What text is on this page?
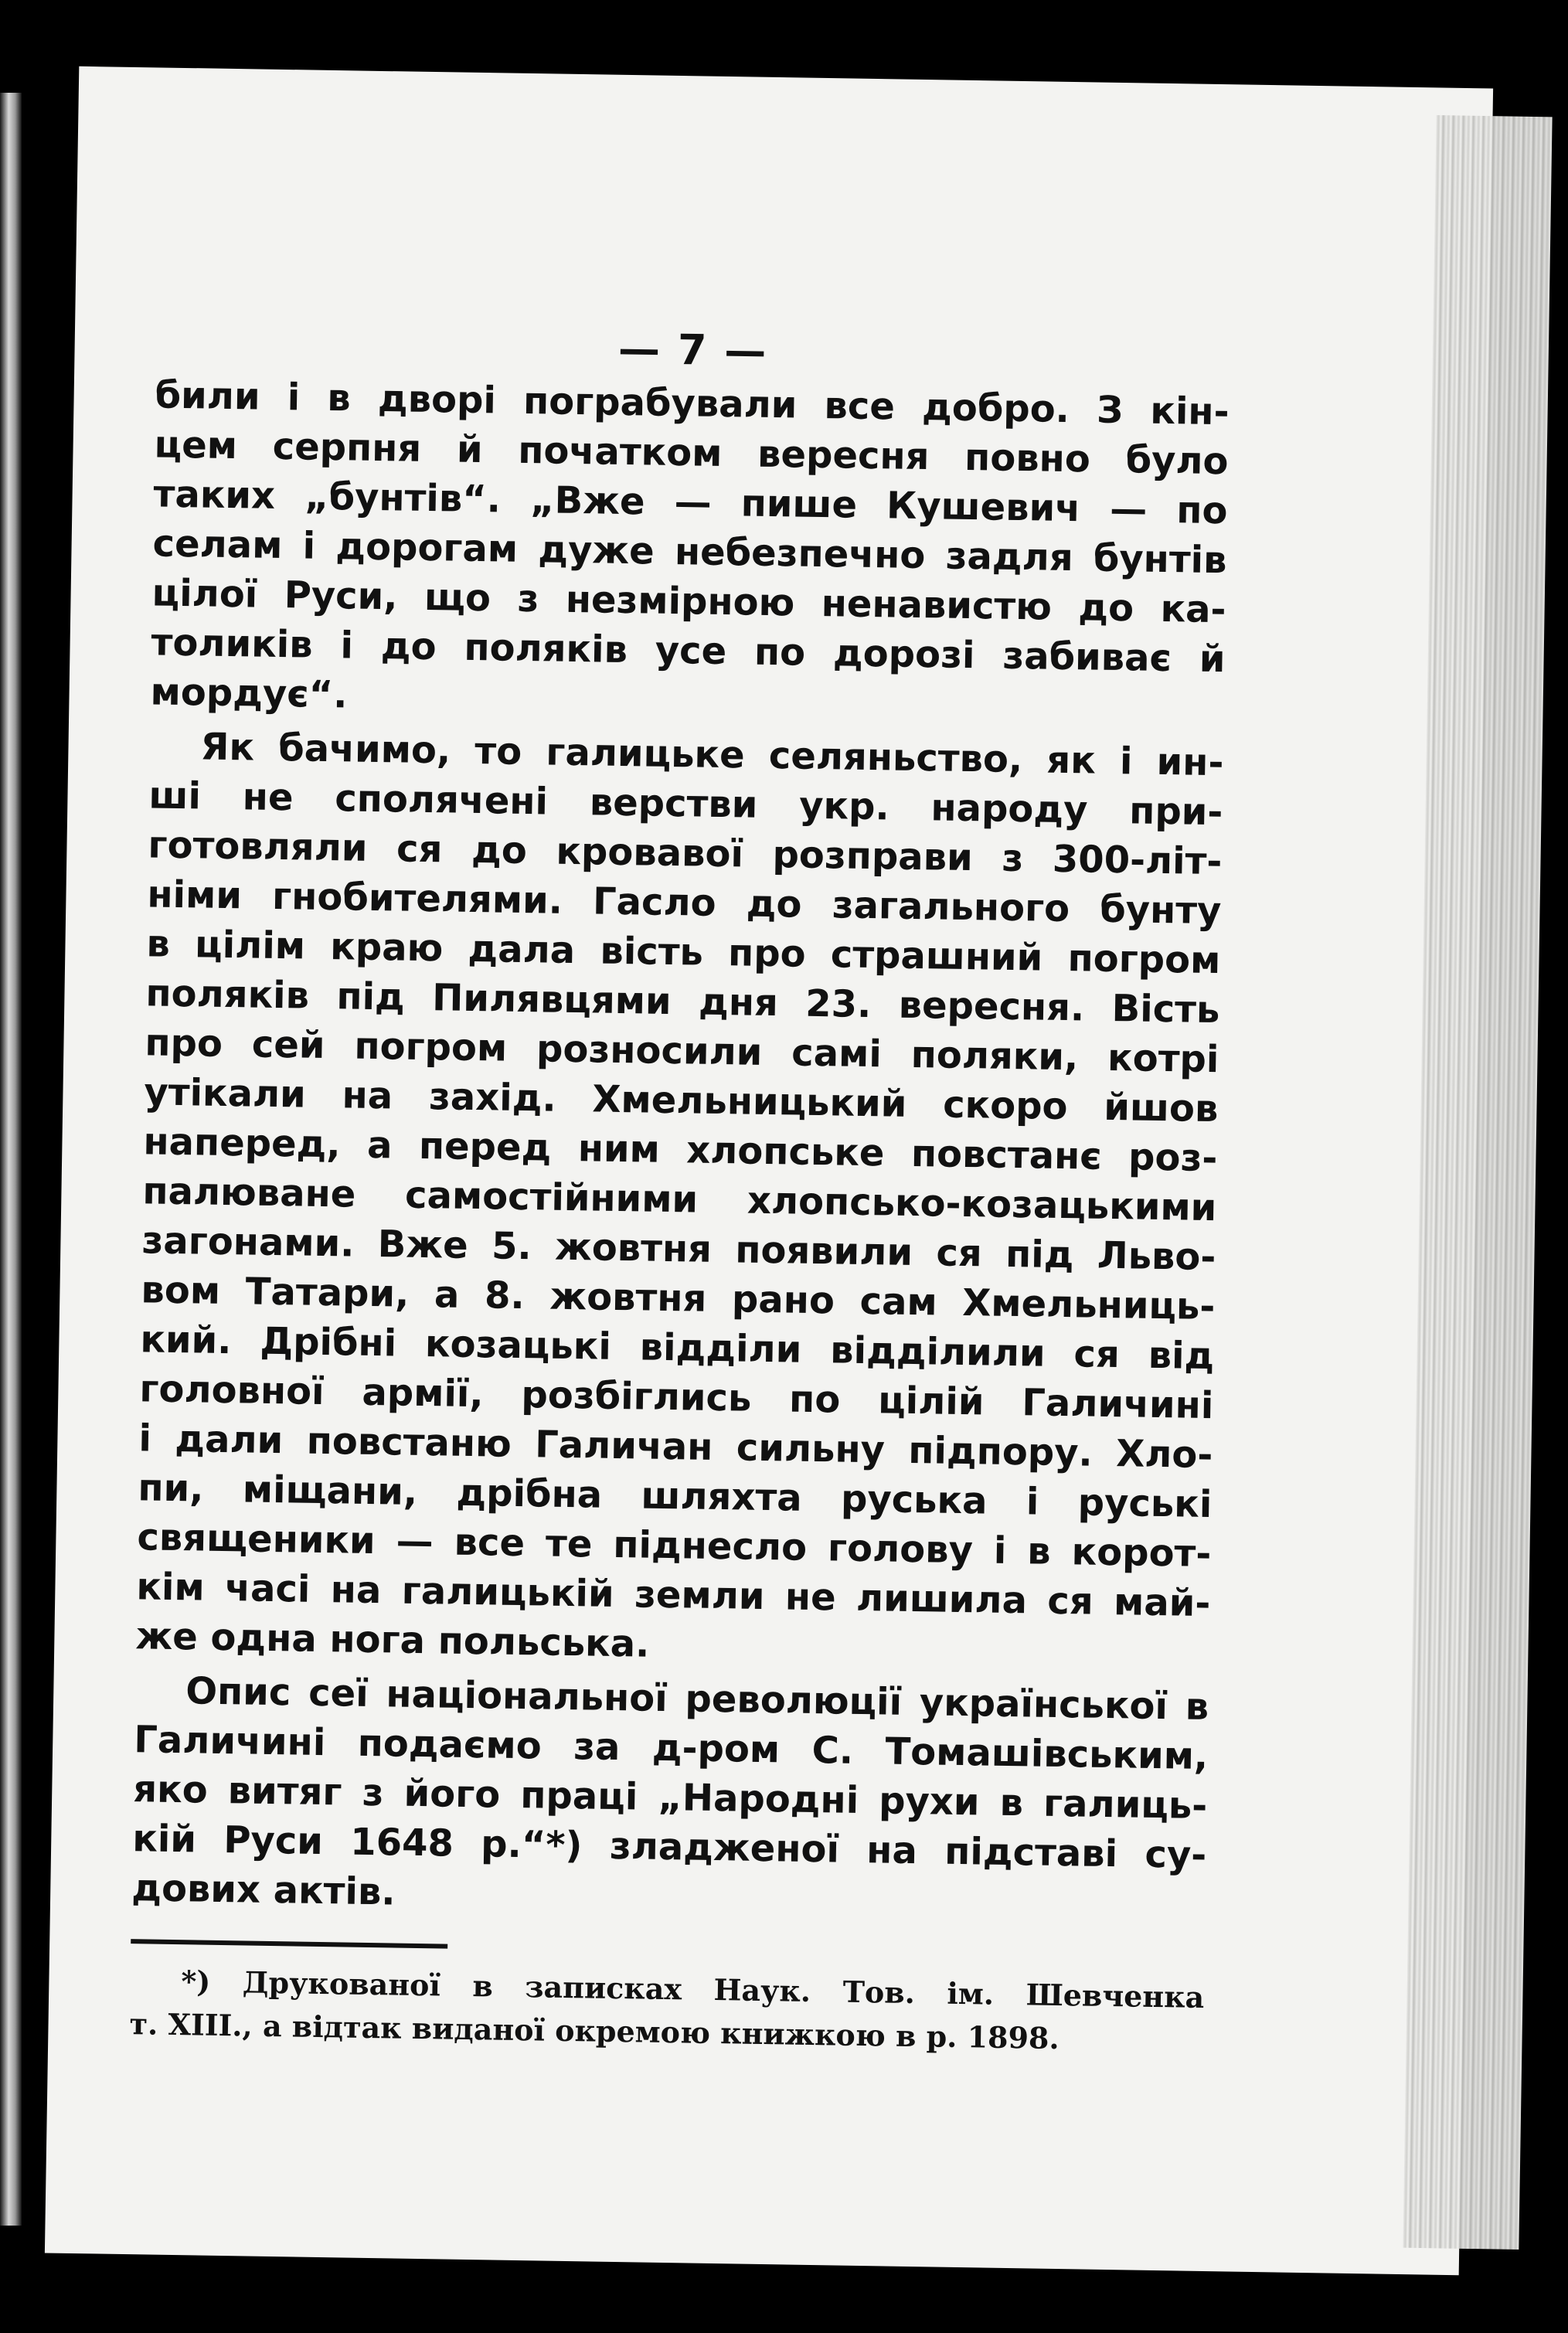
— 7 —
били і в дворі пограбували все добро. З кін-
цем серпня й початком вересня повно було
таких „бунтів“. „Вже — пише Кушевич — по
селам і дорогам дуже небезпечно задля бунтів
цілої Руси, що з незмірною ненавистю до ка-
толиків і до поляків усе по дорозі забиває й
мордує“.
Як бачимо, то галицьке селяньство, як і ин-
ші не сполячені верстви укр. народу при-
готовляли ся до кровавої розправи з 300-літ-
німи гнобителями. Гасло до загального бунту
в цілім краю дала вість про страшний погром
поляків під Пилявцями дня 23. вересня. Вість
про сей погром розносили самі поляки, котрі
утікали на захід. Хмельницький скоро йшов
наперед, а перед ним хлопське повстанє роз-
палюване самостійними хлопсько-козацькими
загонами. Вже 5. жовтня появили ся під Льво-
вом Татари, а 8. жовтня рано сам Хмельниць-
кий. Дрібні козацькі відділи відділили ся від
головної армії, розбіглись по цілій Галичині
і дали повстаню Галичан сильну підпору. Хло-
пи, міщани, дрібна шляхта руська і руські
священики — все те піднесло голову і в корот-
кім часі на галицькій земли не лишила ся май-
же одна нога польська.
Опис сеї національної революції української в
Галичині подаємо за д-ром С. Томашівським,
яко витяг з його праці „Народні рухи в галиць-
кій Руси 1648 р.“*) зладженої на підставі су-
дових актів.
*) Друкованої в записках Наук. Тов. ім. Шевченка
т. XIII., а відтак виданої окремою книжкою в р. 1898.
